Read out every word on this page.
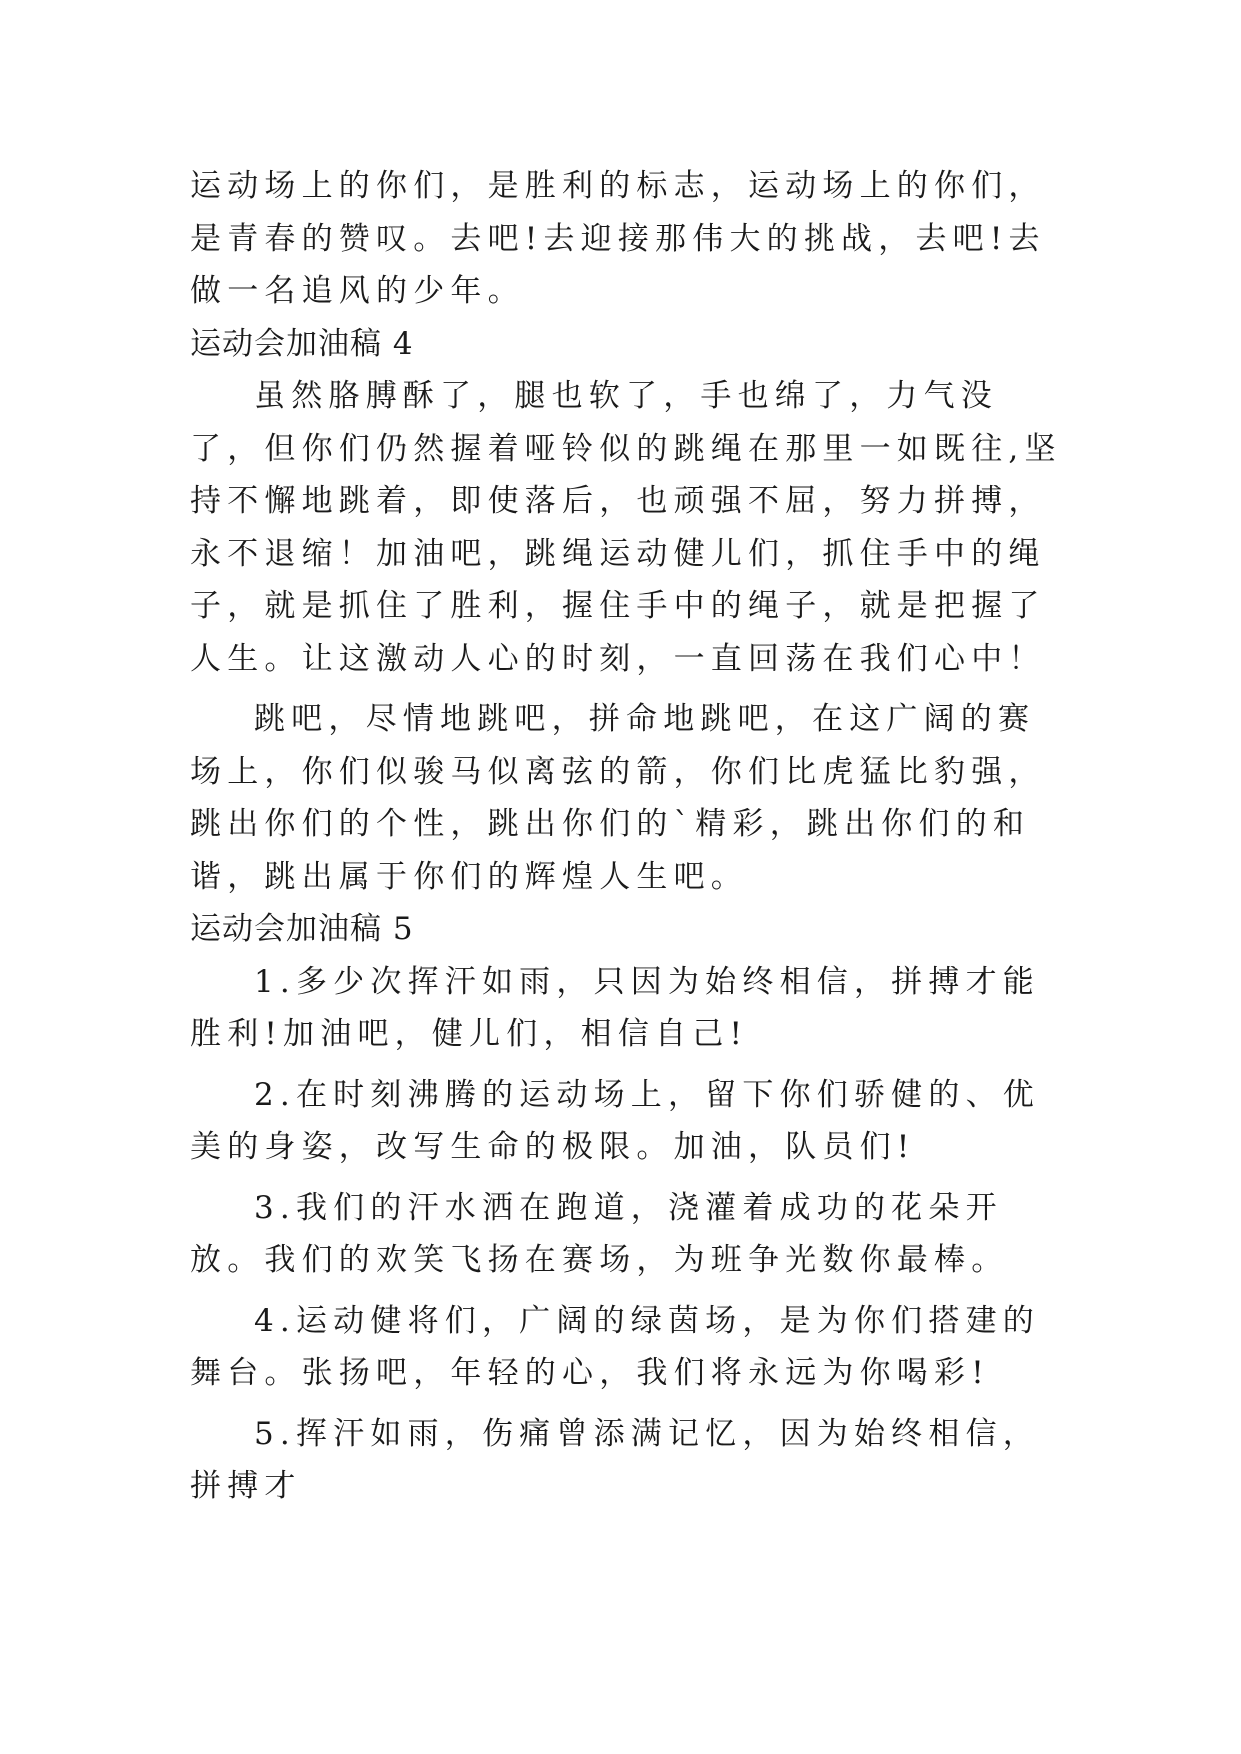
运动场上的你们，是胜利的标志，运动场上的你们，是青春的赞叹。去吧!去迎接那伟大的挑战，去吧!去做一名追风的少年。

运动会加油稿 4

虽然胳膊酥了，腿也软了，手也绵了，力气没了，但你们仍然握着哑铃似的跳绳在那里一如既往,坚持不懈地跳着，即使落后，也顽强不屈，努力拼搏，永不退缩！加油吧，跳绳运动健儿们，抓住手中的绳子，就是抓住了胜利，握住手中的绳子，就是把握了人生。让这激动人心的时刻，一直回荡在我们心中！

跳吧，尽情地跳吧，拼命地跳吧，在这广阔的赛场上，你们似骏马似离弦的箭，你们比虎猛比豹强，跳出你们的个性，跳出你们的`精彩，跳出你们的和谐，跳出属于你们的辉煌人生吧。

运动会加油稿 5

1.多少次挥汗如雨，只因为始终相信，拼搏才能胜利!加油吧，健儿们，相信自己!

2.在时刻沸腾的运动场上，留下你们骄健的、优美的身姿，改写生命的极限。加油，队员们!

3.我们的汗水洒在跑道，浇灌着成功的花朵开放。我们的欢笑飞扬在赛场，为班争光数你最棒。

4.运动健将们，广阔的绿茵场，是为你们搭建的舞台。张扬吧，年轻的心，我们将永远为你喝彩!

5.挥汗如雨，伤痛曾添满记忆，因为始终相信，拼搏才
